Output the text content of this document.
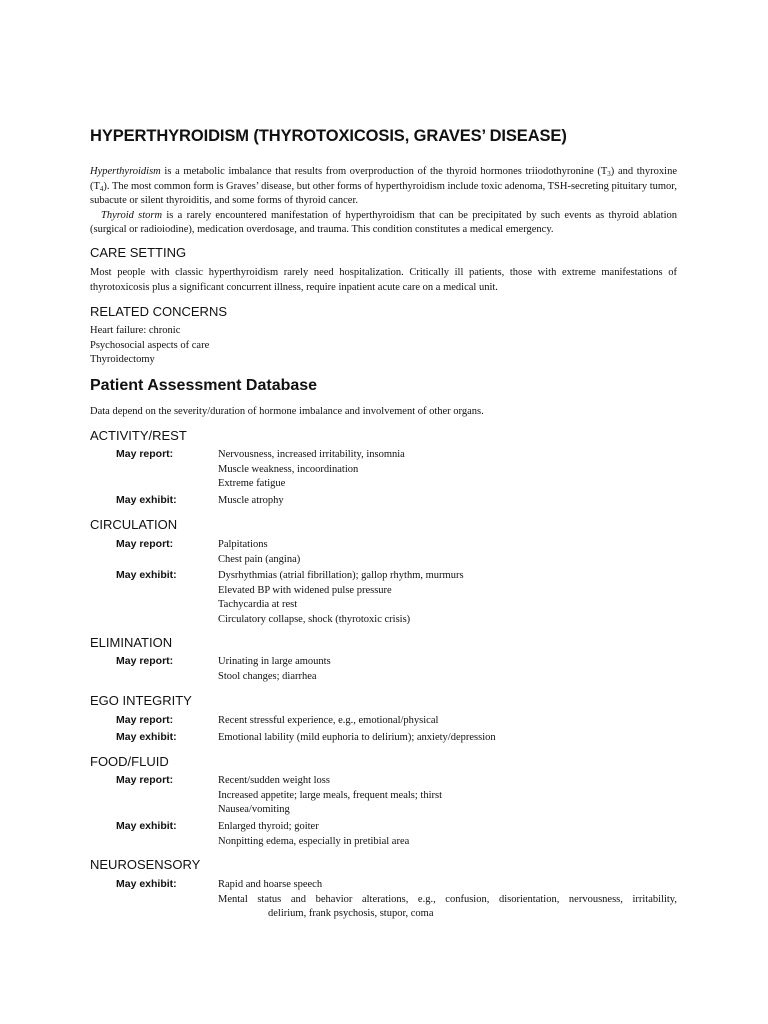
HYPERTHYROIDISM (THYROTOXICOSIS, GRAVES’ DISEASE)

Hyperthyroidism is a metabolic imbalance that results from overproduction of the thyroid hormones triiodothyronine $(T_3)$ and thyroxine $(T_4)$. The most common form is Graves’ disease, but other forms of hyperthyroidism include toxic adenoma, TSH-secreting pituitary tumor, subacute or silent thyroiditis, and some forms of thyroid cancer.

Thyroid storm is a rarely encountered manifestation of hyperthyroidism that can be precipitated by such events as thyroid ablation (surgical or radioiodine), medication overdosage, and trauma. This condition constitutes a medical emergency.

CARE SETTING

Most people with classic hyperthyroidism rarely need hospitalization. Critically ill patients, those with extreme manifestations of thyrotoxicosis plus a significant concurrent illness, require inpatient acute care on a medical unit.

RELATED CONCERNS

Heart failure: chronic

Psychosocial aspects of care

Thyroidectomy

Patient Assessment Database

Data depend on the severity/duration of hormone imbalance and involvement of other organs.

ACTIVITY/REST
May report:	Nervousness, increased irritability, insomnia

Muscle weakness, incoordination

Extreme fatigue

May exhibit:	Muscle atrophy

CIRCULATION
May report:	Palpitations

Chest pain (angina)

May exhibit:	Dysrhythmias (atrial fibrillation); gallop rhythm, murmurs

Elevated BP with widened pulse pressure

Tachycardia at rest

Circulatory collapse, shock (thyrotoxic crisis)

ELIMINATION
May report:	Urinating in large amounts

Stool changes; diarrhea

EGO INTEGRITY
May report:	Recent stressful experience, e.g., emotional/physical

May exhibit:	Emotional lability (mild euphoria to delirium); anxiety/depression

FOOD/FLUID
May report:	Recent/sudden weight loss

Increased appetite; large meals, frequent meals; thirst

Nausea/vomiting

May exhibit:	Enlarged thyroid; goiter

Nonpitting edema, especially in pretibial area

NEUROSENSORY
May exhibit:	Rapid and hoarse speech

Mental status and behavior alterations, e.g., confusion, disorientation, nervousness, irritability,

delirium, frank psychosis, stupor, coma
